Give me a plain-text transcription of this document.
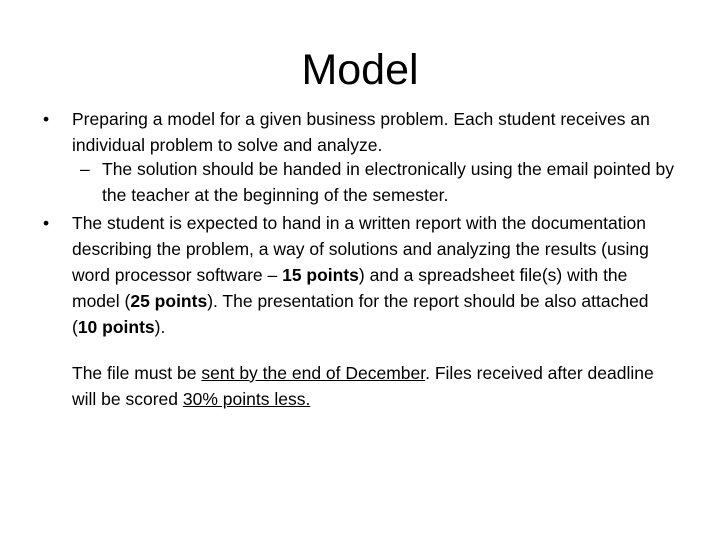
Model
• Preparing a model for a given business problem. Each student receives an individual problem to solve and analyze.
– The solution should be handed in electronically using the email pointed by the teacher at the beginning of the semester.
• The student is expected to hand in a written report with the documentation describing the problem, a way of solutions and analyzing the results (using word processor software – 15 points) and a spreadsheet file(s) with the model (25 points). The presentation for the report should be also attached (10 points).
The file must be sent by the end of December. Files received after deadline will be scored 30% points less.
